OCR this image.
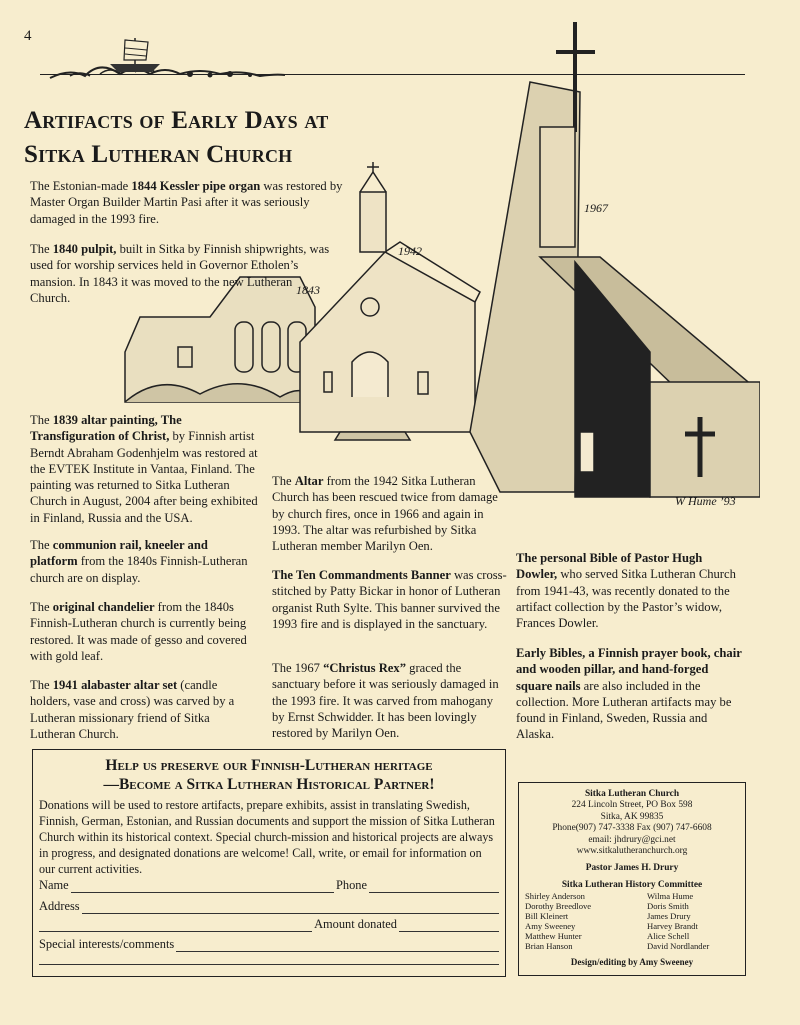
4
Artifacts of Early Days at
Sitka Lutheran Church
1843
1942
1967
W Hume ’93
The Estonian-made 1844 Kessler pipe organ was restored by Master Organ Builder Martin Pasi after it was seriously damaged in the 1993 fire.
The 1840 pulpit, built in Sitka by Finnish shipwrights, was used for worship services held in Governor Etholen’s mansion. In 1843 it was moved to the new Lutheran Church.
The 1839 altar painting, The Transfiguration of Christ, by Finnish artist Berndt Abraham Godenhjelm was restored at the EVTEK Institute in Vantaa, Finland. The painting was returned to Sitka Lutheran Church in August, 2004 after being exhibited in Finland, Russia and the USA.
The communion rail, kneeler and platform from the 1840s Finnish-Lutheran church are on display.
The original chandelier from the 1840s Finnish-Lutheran church is currently being restored. It was made of gesso and covered with gold leaf.
The 1941 alabaster altar set (candle holders, vase and cross) was carved by a Lutheran missionary friend of Sitka Lutheran Church.
The Altar from the 1942 Sitka Lutheran Church has been rescued twice from damage by church fires, once in 1966 and again in 1993. The altar was refurbished by Sitka Lutheran member Marilyn Oen.
The Ten Commandments Banner was cross-stitched by Patty Bickar in honor of Lutheran organist Ruth Sylte. This banner survived the 1993 fire and is displayed in the sanctuary.
The 1967 “Christus Rex” graced the sanctuary before it was seriously damaged in the 1993 fire. It was carved from mahogany by Ernst Schwidder. It has been lovingly restored by Marilyn Oen.
The personal Bible of Pastor Hugh Dowler, who served Sitka Lutheran Church from 1941-43, was recently donated to the artifact collection by the Pastor’s widow, Frances Dowler.
Early Bibles, a Finnish prayer book, chair and wooden pillar, and hand-forged square nails are also included in the collection. More Lutheran artifacts may be found in Finland, Sweden, Russia and Alaska.
Help us preserve our Finnish-Lutheran heritage
—Become a Sitka Lutheran Historical Partner!
Donations will be used to restore artifacts, prepare exhibits, assist in translating Swedish, Finnish, German, Estonian, and Russian documents and support the mission of Sitka Lutheran Church within its historical context. Special church-mission and historical projects are always in progress, and designated donations are welcome! Call, write, or email for information on our current activities.
Name	Phone
Address
Amount donated
Special interests/comments
Sitka Lutheran Church
224 Lincoln Street, PO Box 598
Sitka, AK 99835
Phone(907) 747-3338 Fax (907) 747-6608
email: jhdrury@gci.net
www.sitkalutheranchurch.org
Pastor James H. Drury
Sitka Lutheran History Committee
Shirley Anderson
Dorothy Breedlove
Bill Kleinert
Amy Sweeney
Matthew Hunter
Brian Hanson
Wilma Hume
Doris Smith
James Drury
Harvey Brandt
Alice Schell
David Nordlander
Design/editing by Amy Sweeney
